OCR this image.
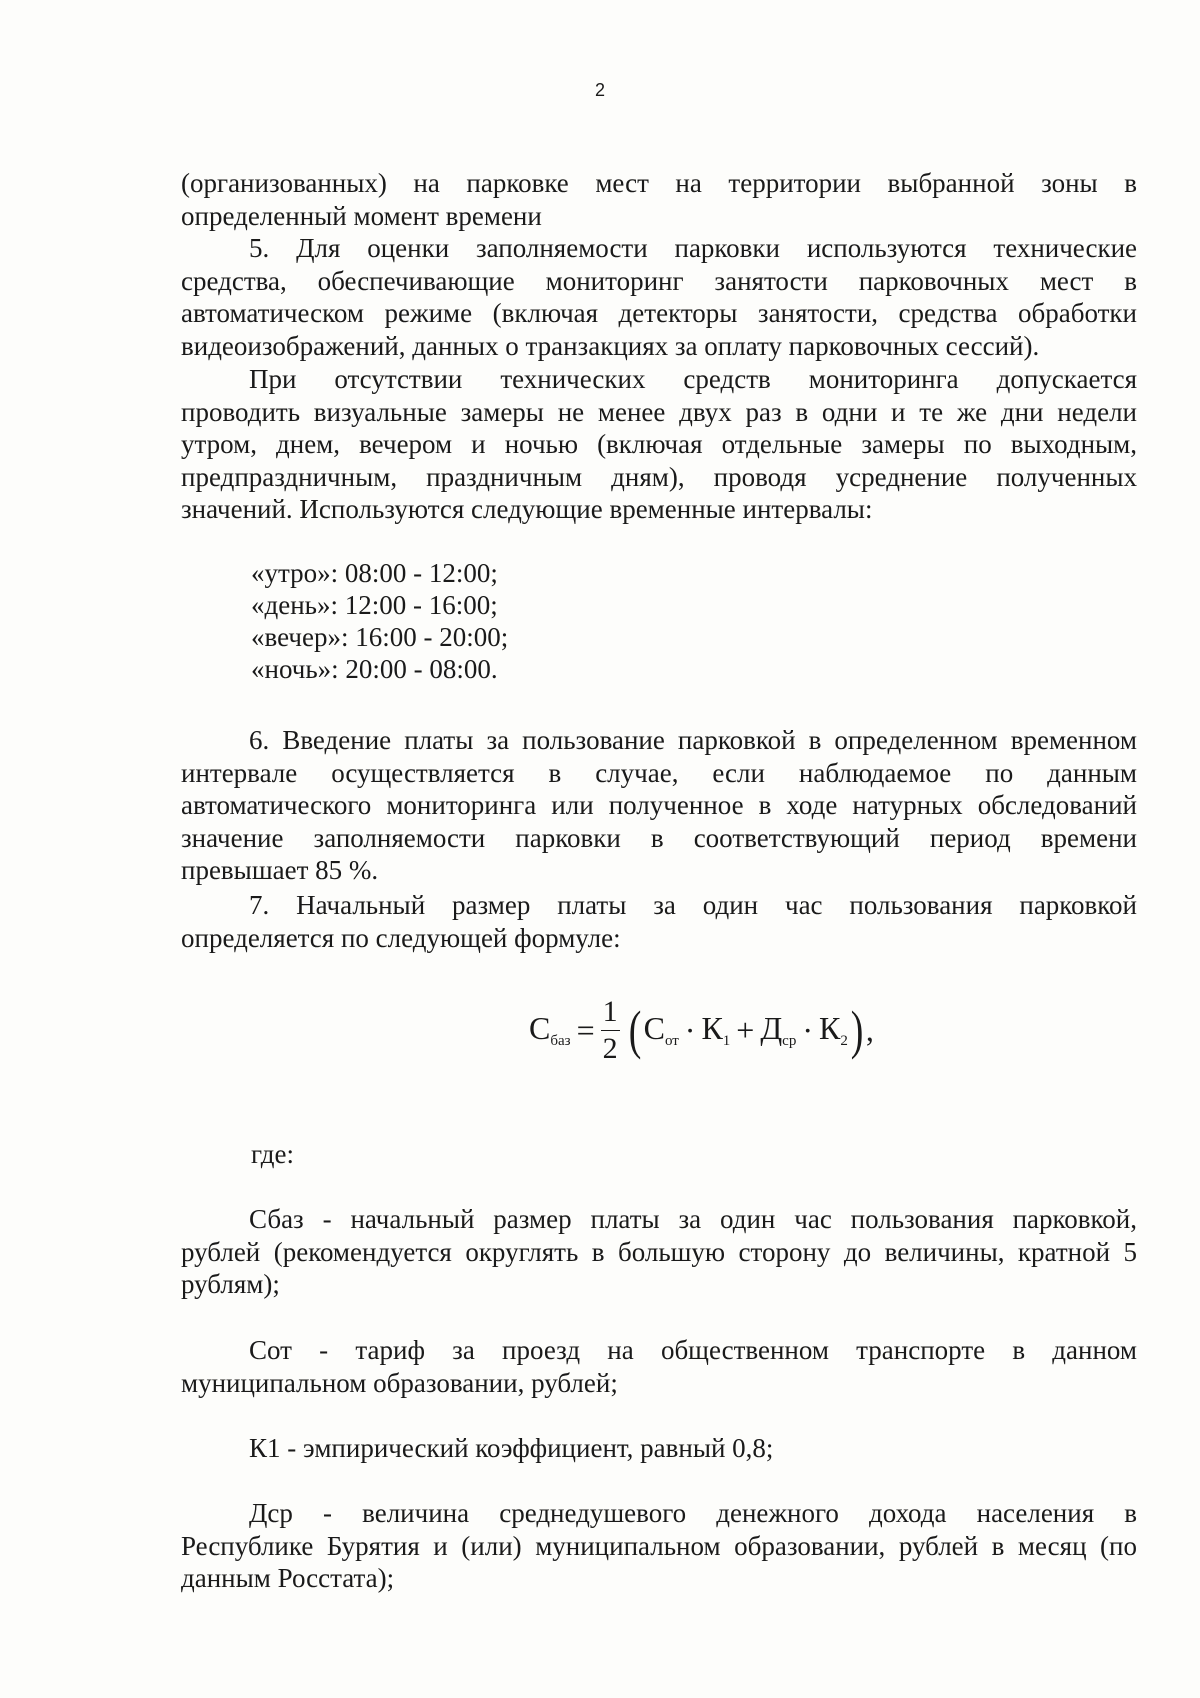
2
(организованных) на парковке мест на территории выбранной зоны в
определенный момент времени
5. Для оценки заполняемости парковки используются технические
средства, обеспечивающие мониторинг занятости парковочных мест в
автоматическом режиме (включая детекторы занятости, средства обработки
видеоизображений, данных о транзакциях за оплату парковочных сессий).
При отсутствии технических средств мониторинга допускается
проводить визуальные замеры не менее двух раз в одни и те же дни недели
утром, днем, вечером и ночью (включая отдельные замеры по выходным,
предпраздничным, праздничным дням), проводя усреднение полученных
значений. Используются следующие временные интервалы:
«утро»: 08:00 - 12:00;
«день»: 12:00 - 16:00;
«вечер»: 16:00 - 20:00;
«ночь»: 20:00 - 08:00.
6. Введение платы за пользование парковкой в определенном временном
интервале осуществляется в случае, если наблюдаемое по данным
автоматического мониторинга или полученное в ходе натурных обследований
значение заполняемости парковки в соответствующий период времени
превышает 85 %.
7. Начальный размер платы за один час пользования парковкой
определяется по следующей формуле:
$С_{баз} = \frac{1}{2}$ ( $С_{от} \cdot К_1 + Д_{ср} \cdot К_2$ ) ,
где:
Сбаз - начальный размер платы за один час пользования парковкой,
рублей (рекомендуется округлять в большую сторону до величины, кратной 5
рублям);
Сот - тариф за проезд на общественном транспорте в данном
муниципальном образовании, рублей;
К1 - эмпирический коэффициент, равный 0,8;
Дср - величина среднедушевого денежного дохода населения в
Республике Бурятия и (или) муниципальном образовании, рублей в месяц (по
данным Росстата);
